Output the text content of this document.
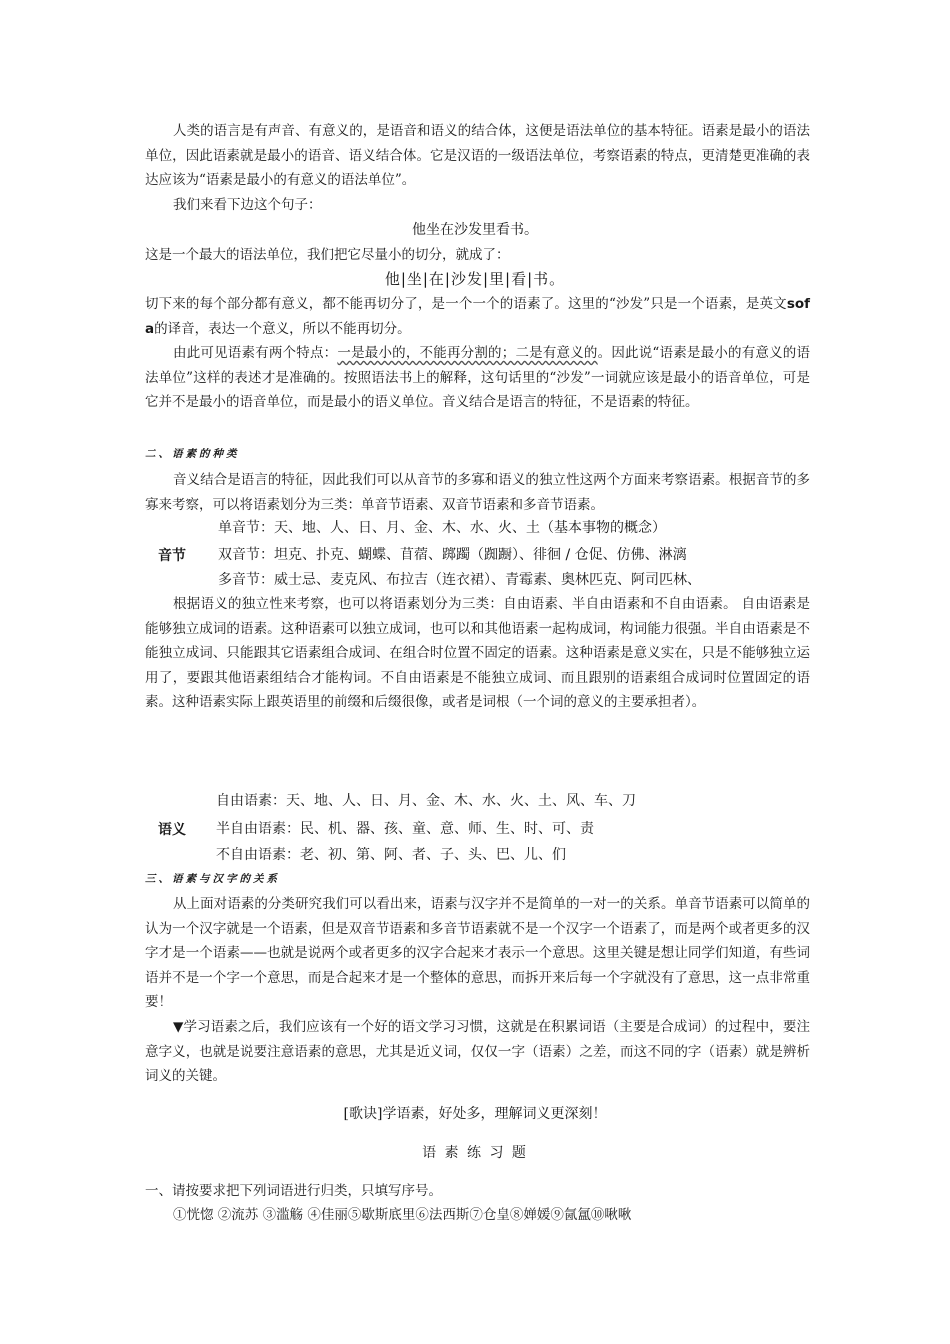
人类的语言是有声音、有意义的，是语音和语义的结合体，这便是语法单位的基本特征。语素是最小的语法单位，因此语素就是最小的语音、语义结合体。它是汉语的一级语法单位，考察语素的特点，更清楚更准确的表达应该为“语素是最小的有意义的语法单位”。

我们来看下边这个句子：

他坐在沙发里看书。

这是一个最大的语法单位，我们把它尽量小的切分，就成了：

他|坐|在|沙发|里|看|书。

切下来的每个部分都有意义，都不能再切分了，是一个一个的语素了。这里的“沙发”只是一个语素，是英文sofa的译音，表达一个意义，所以不能再切分。

由此可见语素有两个特点：一是最小的，不能再分割的；二是有意义的。因此说“语素是最小的有意义的语法单位”这样的表述才是准确的。按照语法书上的解释，这句话里的“沙发”一词就应该是最小的语音单位，可是它并不是最小的语音单位，而是最小的语义单位。音义结合是语言的特征，不是语素的特征。

二、语素的种类

音义结合是语言的特征，因此我们可以从音节的多寡和语义的独立性这两个方面来考察语素。根据音节的多寡来考察，可以将语素划分为三类：单音节语素、双音节语素和多音节语素。

单音节：天、地、人、日、月、金、木、水、火、土（基本事物的概念）
音节 双音节：坦克、扑克、蝴蝶、苜蓿、踯躅（踟蹰）、徘徊 / 仓促、仿佛、淋漓
多音节：威士忌、麦克风、布拉吉（连衣裙）、青霉素、奥林匹克、阿司匹林、

根据语义的独立性来考察，也可以将语素划分为三类：自由语素、半自由语素和不自由语素。 自由语素是能够独立成词的语素。这种语素可以独立成词，也可以和其他语素一起构成词，构词能力很强。半自由语素是不能独立成词、只能跟其它语素组合成词、在组合时位置不固定的语素。这种语素是意义实在，只是不能够独立运用了，要跟其他语素组结合才能构词。不自由语素是不能独立成词、而且跟别的语素组合成词时位置固定的语素。这种语素实际上跟英语里的前缀和后缀很像，或者是词根（一个词的意义的主要承担者）。

自由语素：天、地、人、日、月、金、木、水、火、土、风、车、刀
语义 半自由语素：民、机、器、孩、童、意、师、生、时、可、责
不自由语素：老、初、第、阿、者、子、头、巴、儿、们
三、语素与汉字的关系

从上面对语素的分类研究我们可以看出来，语素与汉字并不是简单的一对一的关系。单音节语素可以简单的认为一个汉字就是一个语素，但是双音节语素和多音节语素就不是一个汉字一个语素了，而是两个或者更多的汉字才是一个语素——也就是说两个或者更多的汉字合起来才表示一个意思。这里关键是想让同学们知道，有些词语并不是一个字一个意思，而是合起来才是一个整体的意思，而拆开来后每一个字就没有了意思，这一点非常重要！

▼学习语素之后，我们应该有一个好的语文学习习惯，这就是在积累词语（主要是合成词）的过程中，要注意字义，也就是说要注意语素的意思，尤其是近义词，仅仅一字（语素）之差，而这不同的字（语素）就是辨析词义的关键。

[歌诀]学语素，好处多，理解词义更深刻！
语 素 练 习 题

一、请按要求把下列词语进行归类，只填写序号。

①恍惚 ②流苏 ③滥觞 ④佳丽⑤歇斯底里⑥法西斯⑦仓皇⑧婵媛⑨氤氲⑩啾啾
